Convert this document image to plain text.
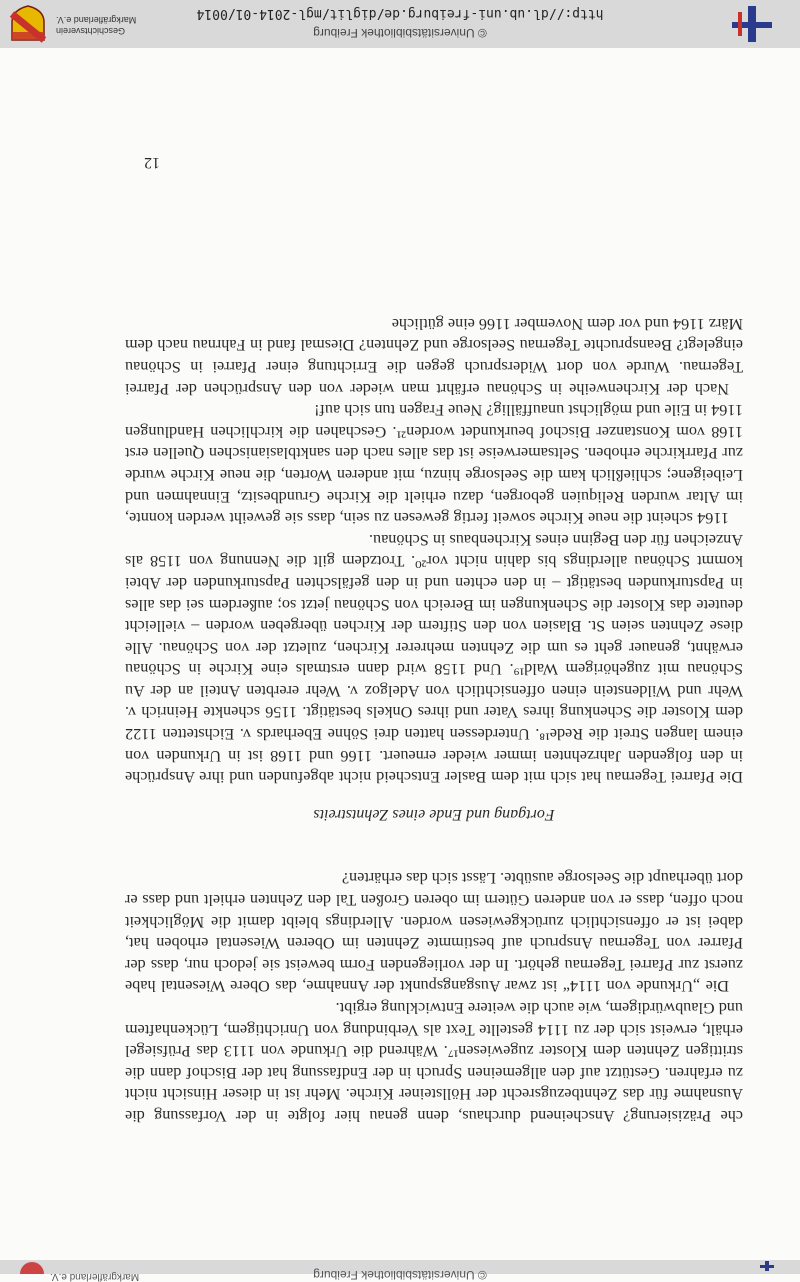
© Universitätsbibliothek Freiburg
Markgräflerland e.V.

che Präzisierung? Anscheinend durchaus, denn genau hier folgte in der Vorfassung die Ausnahme für das Zehntbezugsrecht der Höllsteiner Kirche. Mehr ist in dieser Hinsicht nicht zu erfahren. Gestützt auf den allgemeinen Spruch in der Endfassung hat der Bischof dann die strittigen Zehnten dem Kloster zugewiesen¹⁷. Während die Urkunde von 1113 das Prüfsiegel erhält, erweist sich der zu 1114 gestellte Text als Verbindung von Unrichtigem, Lückenhaftem und Glaubwürdigem, wie auch die weitere Entwicklung ergibt.

Die „Urkunde von 1114“ ist zwar Ausgangspunkt der Annahme, das Obere Wiesental habe zuerst zur Pfarrei Tegernau gehört. In der vorliegenden Form beweist sie jedoch nur, dass der Pfarrer von Tegernau Anspruch auf bestimmte Zehnten im Oberen Wiesental erhoben hat, dabei ist er offensichtlich zurückgewiesen worden. Allerdings bleibt damit die Möglichkeit noch offen, dass er von anderen Gütern im oberen Großen Tal den Zehnten erhielt und dass er dort überhaupt die Seelsorge ausübte. Lässt sich das erhärten?

Fortgang und Ende eines Zehntstreits

Die Pfarrei Tegernau hat sich mit dem Basler Entscheid nicht abgefunden und ihre Ansprüche in den folgenden Jahrzehnten immer wieder erneuert. 1166 und 1168 ist in Urkunden von einem langen Streit die Rede¹⁸. Unterdessen hatten drei Söhne Eberhards v. Eichstetten 1122 dem Kloster die Schenkung ihres Vater und ihres Onkels bestätigt. 1156 schenkte Heinrich v. Wehr und Wildenstein einen offensichtlich von Adelgoz v. Wehr ererbten Anteil an der Au Schönau mit zugehörigem Wald¹⁹. Und 1158 wird dann erstmals eine Kirche in Schönau erwähnt, genauer geht es um die Zehnten mehrerer Kirchen, zuletzt der von Schönau. Alle diese Zehnten seien St. Blasien von den Stiftern der Kirchen übergeben worden – vielleicht deutete das Kloster die Schenkungen im Bereich von Schönau jetzt so; außerdem sei das alles in Papsturkunden bestätigt – in den echten und in den gefälschten Papsturkunden der Abtei kommt Schönau allerdings bis dahin nicht vor²⁰. Trotzdem gilt die Nennung von 1158 als Anzeichen für den Beginn eines Kirchenbaus in Schönau.

1164 scheint die neue Kirche soweit fertig gewesen zu sein, dass sie geweiht werden konnte, im Altar wurden Reliquien geborgen, dazu erhielt die Kirche Grundbesitz, Einnahmen und Leibeigene; schließlich kam die Seelsorge hinzu, mit anderen Worten, die neue Kirche wurde zur Pfarrkirche erhoben. Seltsamerweise ist das alles nach den sanktblasianischen Quellen erst 1168 vom Konstanzer Bischof beurkundet worden²¹. Geschahen die kirchlichen Handlungen 1164 in Eile und möglichst unauffällig? Neue Fragen tun sich auf!

Nach der Kirchenweihe in Schönau erfährt man wieder von den Ansprüchen der Pfarrei Tegernau. Wurde von dort Widerspruch gegen die Errichtung einer Pfarrei in Schönau eingelegt? Beanspruchte Tegernau Seelsorge und Zehnten? Diesmal fand in Fahrnau nach dem März 1164 und vor dem November 1166 eine gütliche

12
© Universitätsbibliothek Freiburg
http://dl.ub.uni-freiburg.de/diglit/mgl-2014-01/0014
Geschichtsverein
Markgräflerland e.V.
